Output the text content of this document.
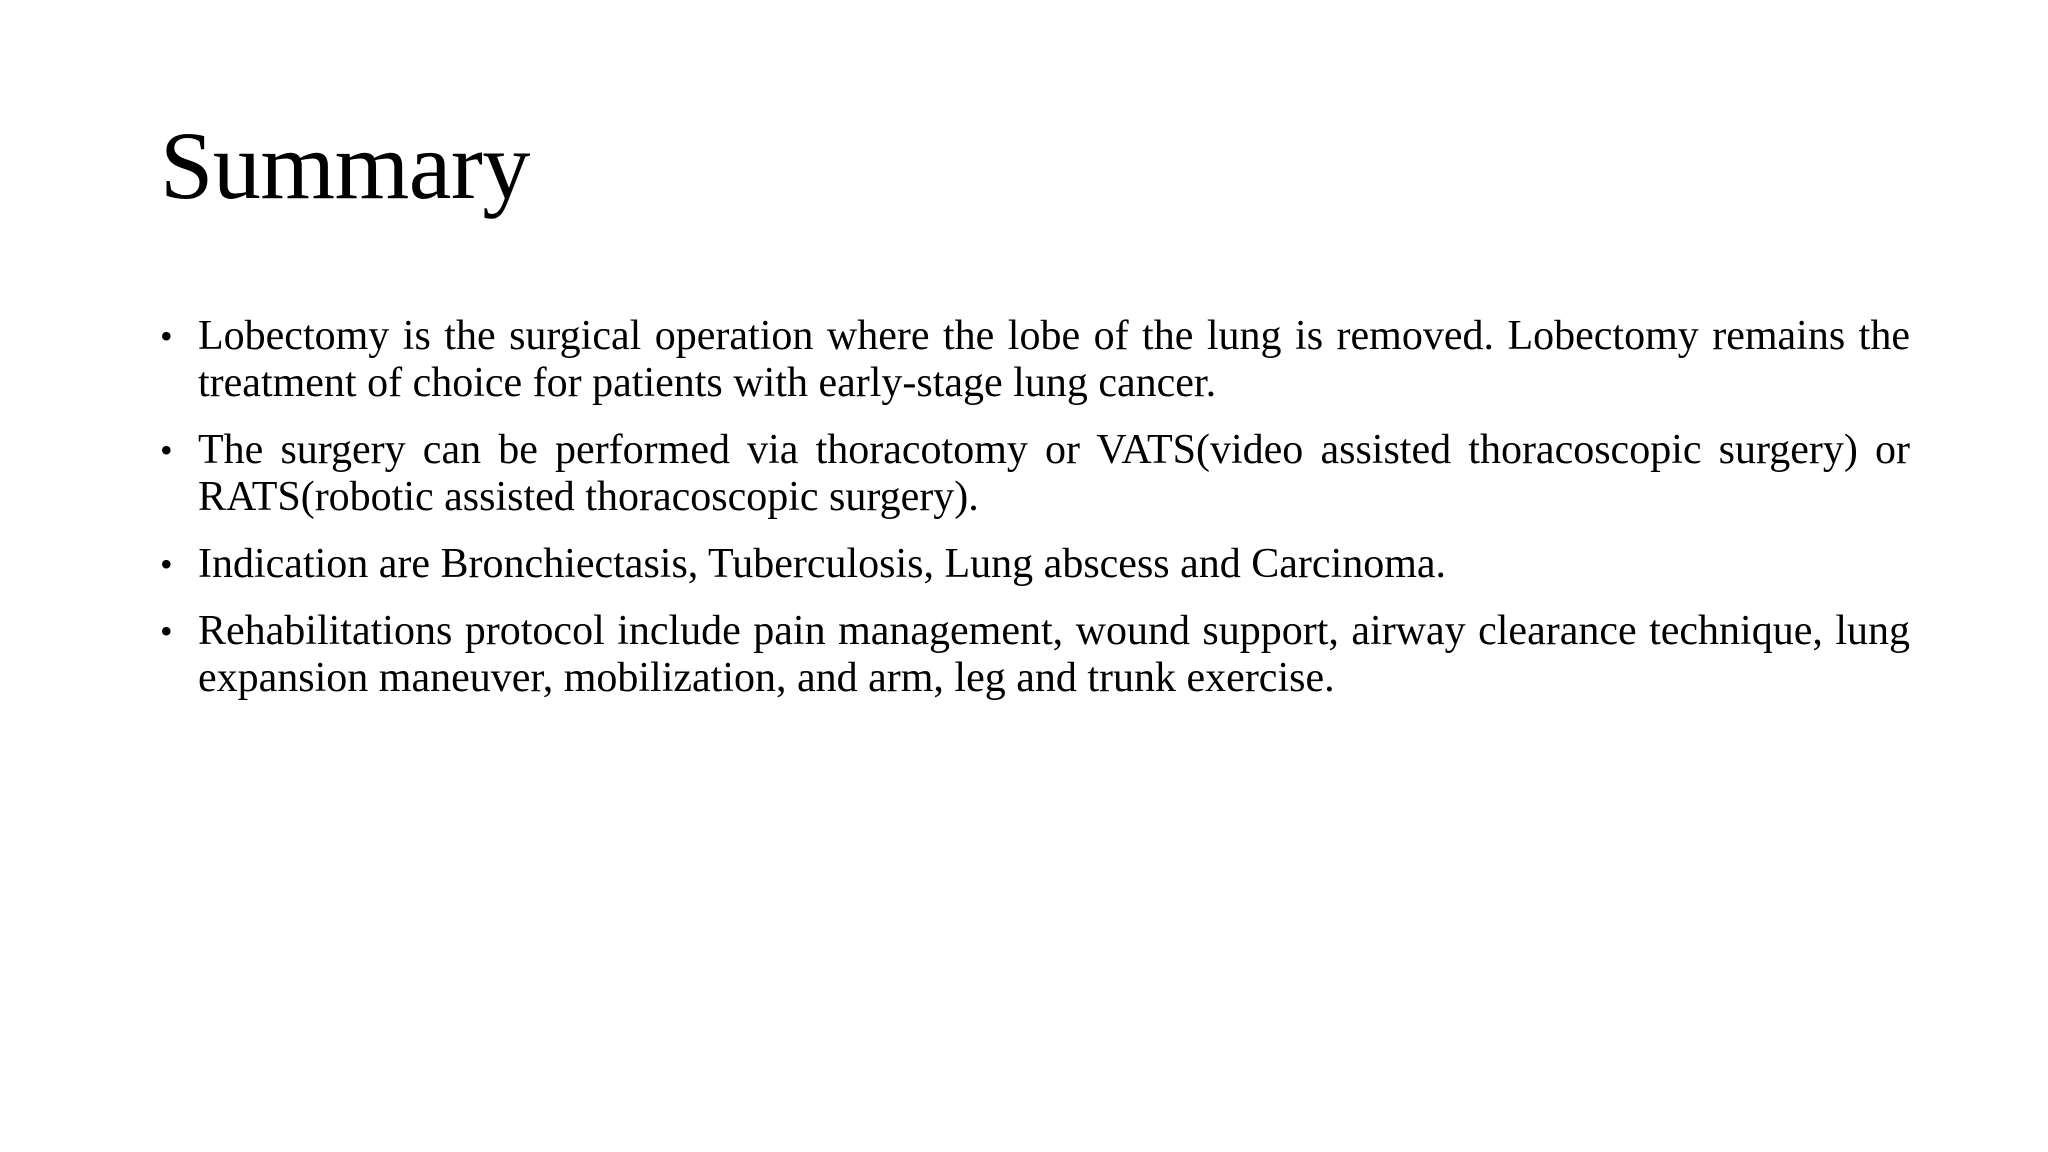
Summary
• Lobectomy is the surgical operation where the lobe of the lung is removed. Lobectomy remains the treatment of choice for patients with early-stage lung cancer.
• The surgery can be performed via thoracotomy or VATS(video assisted thoracoscopic surgery) or RATS(robotic assisted thoracoscopic surgery).
• Indication are Bronchiectasis, Tuberculosis, Lung abscess and Carcinoma.
• Rehabilitations protocol include pain management, wound support, airway clearance technique, lung expansion maneuver, mobilization, and arm, leg and trunk exercise.
